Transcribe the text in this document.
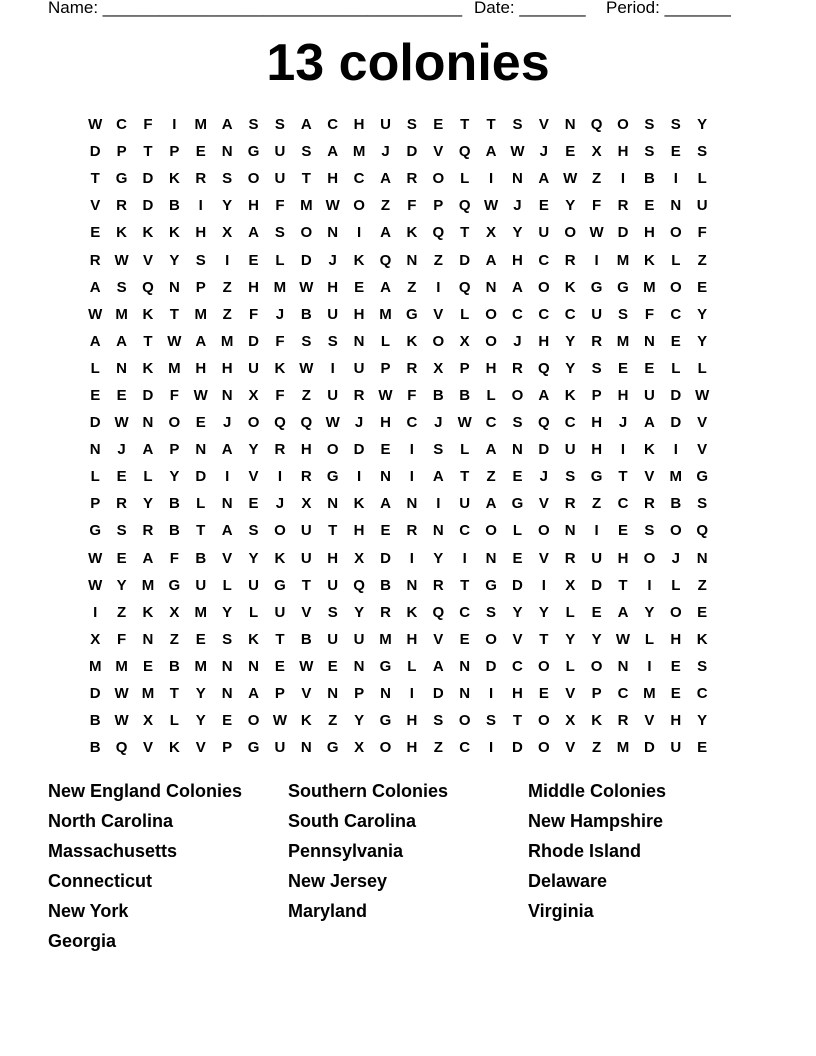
Name: ______________________________________ Date: _______ Period: _______
13 colonies
W C	F	I	M A	S	S	A	C	H	U	S	E	T	T	S	V	N	Q O	S	S	Y
D	P	T	P	E	N	G	U	S	A M	J	D	V	Q	A W	J	E	X	H	S	E	S
T	G	D	K	R	S	O	U	T	H	C	A	R	O	L	I	N	A W Z	I	B	I	L
V	R	D	B	I	Y	H	F	M W O	Z	F	P	Q W	J	E	Y	F	R	E	N	U
E	K	K	K	H	X	A	S	O	N	I	A	K	Q	T	X	Y	U	O W D	H	O	F
R W V	Y	S	I	E	L	D	J	K	Q	N	Z	D	A	H	C	R	I	M K	L	Z
A	S	Q	N	P	Z	H M W H	E	A	Z	I	Q	N	A	O	K	G G M O	E
W M K	T	M	Z	F	J	B	U	H M G	V	L	O	C	C	C	U	S	F	C	Y
A	A	T W A M D	F	S	S	N	L	K	O	X	O	J	H	Y	R M N	E	Y
L	N	K M H	H	U	K W	I	U	P	R	X	P	H	R	Q	Y	S	E	E	L	L
E	E	D	F W N	X	F	Z	U	R W F	B	B	L	O	A	K	P	H	U	D W
D W N	O	E	J	O Q Q W	J	H	C	J	W C	S	Q	C	H	J	A	D	V
N	J	A	P	N	A	Y	R	H	O	D	E	I	S	L	A	N	D	U	H	I	K	I	V
L	E	L	Y	D	I	V	I	R	G	I	N	I	A	T	Z	E	J	S	G	T	V	M G
P	R	Y	B	L	N	E	J	X	N	K	A	N	I	U	A	G	V	R	Z	C	R	B	S
G	S	R	B	T	A	S	O	U	T	H	E	R	N	C	O	L	O	N	I	E	S	O Q
W E	A	F	B	V	Y	K	U	H	X	D	I	Y	I	N	E	V	R	U	H	O	J	N
W Y	M G	U	L	U	G	T	U	Q	B	N	R	T	G	D	I	X	D	T	I	L	Z
I	Z	K	X	M	Y	L	U	V	S	Y	R	K	Q	C	S	Y	Y	L	E	A	Y	O	E
X	F	N	Z	E	S	K	T	B	U	U M H	V	E	O	V	T	Y	Y W L	H	K
M M	E	B M N	N	E W E	N	G	L	A	N	D	C	O	L	O	N	I	E	S
D W M	T	Y	N	A	P	V	N	P	N	I	D	N	I	H	E	V	P	C M	E	C
B W X	L	Y	E	O W K	Z	Y	G	H	S	O	S	T	O	X	K	R	V	H	Y
B	Q	V	K	V	P	G	U	N	G	X	O	H	Z	C	I	D	O	V	Z	M D	U	E
New England Colonies	Southern Colonies	Middle Colonies
North Carolina	South Carolina	New Hampshire
Massachusetts	Pennsylvania	Rhode Island
Connecticut	New Jersey	Delaware
New York	Maryland	Virginia
Georgia
